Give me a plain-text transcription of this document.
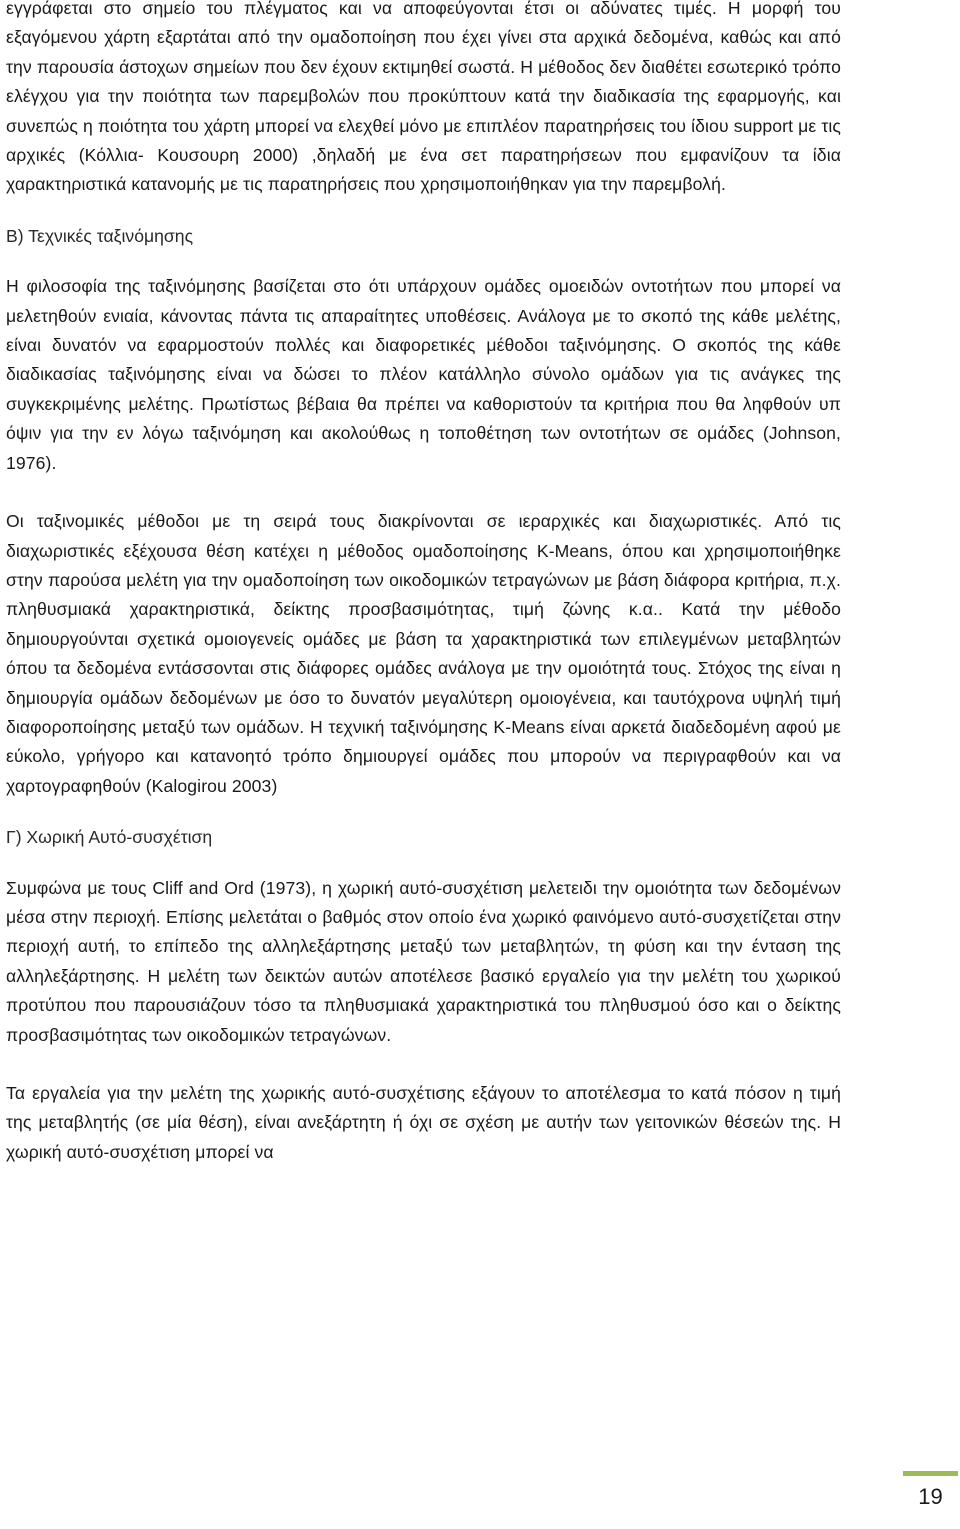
εγγράφεται στο σημείο του πλέγματος και να αποφεύγονται έτσι οι αδύνατες τιμές. Η μορφή του εξαγόμενου χάρτη εξαρτάται από την ομαδοποίηση που έχει γίνει στα αρχικά δεδομένα, καθώς και από την παρουσία άστοχων σημείων που δεν έχουν εκτιμηθεί σωστά. Η μέθοδος δεν διαθέτει εσωτερικό τρόπο ελέγχου για την ποιότητα των παρεμβολών που προκύπτουν κατά την διαδικασία της εφαρμογής, και συνεπώς η ποιότητα του χάρτη μπορεί να ελεχθεί μόνο με επιπλέον παρατηρήσεις του ίδιου support με τις αρχικές (Κόλλια- Κουσουρη 2000) ,δηλαδή με ένα σετ παρατηρήσεων που εμφανίζουν τα ίδια χαρακτηριστικά κατανομής με τις παρατηρήσεις που χρησιμοποιήθηκαν για την παρεμβολή.

Β) Τεχνικές ταξινόμησης

Η φιλοσοφία της ταξινόμησης βασίζεται στο ότι υπάρχουν ομάδες ομοειδών οντοτήτων που μπορεί να μελετηθούν ενιαία, κάνοντας πάντα τις απαραίτητες υποθέσεις. Ανάλογα με το σκοπό της κάθε μελέτης, είναι δυνατόν να εφαρμοστούν πολλές και διαφορετικές μέθοδοι ταξινόμησης. Ο σκοπός της κάθε διαδικασίας ταξινόμησης είναι να δώσει το πλέον κατάλληλο σύνολο ομάδων για τις ανάγκες της συγκεκριμένης μελέτης. Πρωτίστως βέβαια θα πρέπει να καθοριστούν τα κριτήρια που θα ληφθούν υπ όψιν για την εν λόγω ταξινόμηση και ακολούθως η τοποθέτηση των οντοτήτων σε ομάδες (Johnson, 1976).

Οι ταξινομικές μέθοδοι με τη σειρά τους διακρίνονται σε ιεραρχικές και διαχωριστικές. Από τις διαχωριστικές εξέχουσα θέση κατέχει η μέθοδος ομαδοποίησης K-Means, όπου και χρησιμοποιήθηκε στην παρούσα μελέτη για την ομαδοποίηση των οικοδομικών τετραγώνων με βάση διάφορα κριτήρια, π.χ. πληθυσμιακά χαρακτηριστικά, δείκτης προσβασιμότητας, τιμή ζώνης κ.α.. Κατά την μέθοδο δημιουργούνται σχετικά ομοιογενείς ομάδες με βάση τα χαρακτηριστικά των επιλεγμένων μεταβλητών όπου τα δεδομένα εντάσσονται στις διάφορες ομάδες ανάλογα με την ομοιότητά τους. Στόχος της είναι η δημιουργία ομάδων δεδομένων με όσο το δυνατόν μεγαλύτερη ομοιογένεια, και ταυτόχρονα υψηλή τιμή διαφοροποίησης μεταξύ των ομάδων. Η τεχνική ταξινόμησης K-Means είναι αρκετά διαδεδομένη αφού με εύκολο, γρήγορο και κατανοητό τρόπο δημιουργεί ομάδες που μπορούν να περιγραφθούν και να χαρτογραφηθούν (Kalogirou 2003)

Γ) Χωρική Αυτό-συσχέτιση

Συμφώνα με τους Cliff and Ord (1973), η χωρική αυτό-συσχέτιση μελετειδι την ομοιότητα των δεδομένων μέσα στην περιοχή. Επίσης μελετάται ο βαθμός στον οποίο ένα χωρικό φαινόμενο αυτό-συσχετίζεται στην περιοχή αυτή, το επίπεδο της αλληλεξάρτησης μεταξύ των μεταβλητών, τη φύση και την ένταση της αλληλεξάρτησης. Η μελέτη των δεικτών αυτών αποτέλεσε βασικό εργαλείο για την μελέτη του χωρικού προτύπου που παρουσιάζουν τόσο τα πληθυσμιακά χαρακτηριστικά του πληθυσμού όσο και ο δείκτης προσβασιμότητας των οικοδομικών τετραγώνων.

Τα εργαλεία για την μελέτη της χωρικής αυτό-συσχέτισης εξάγουν το αποτέλεσμα το κατά πόσον η τιμή της μεταβλητής (σε μία θέση), είναι ανεξάρτητη ή όχι σε σχέση με αυτήν των γειτονικών θέσεών της. Η χωρική αυτό-συσχέτιση μπορεί να

19
